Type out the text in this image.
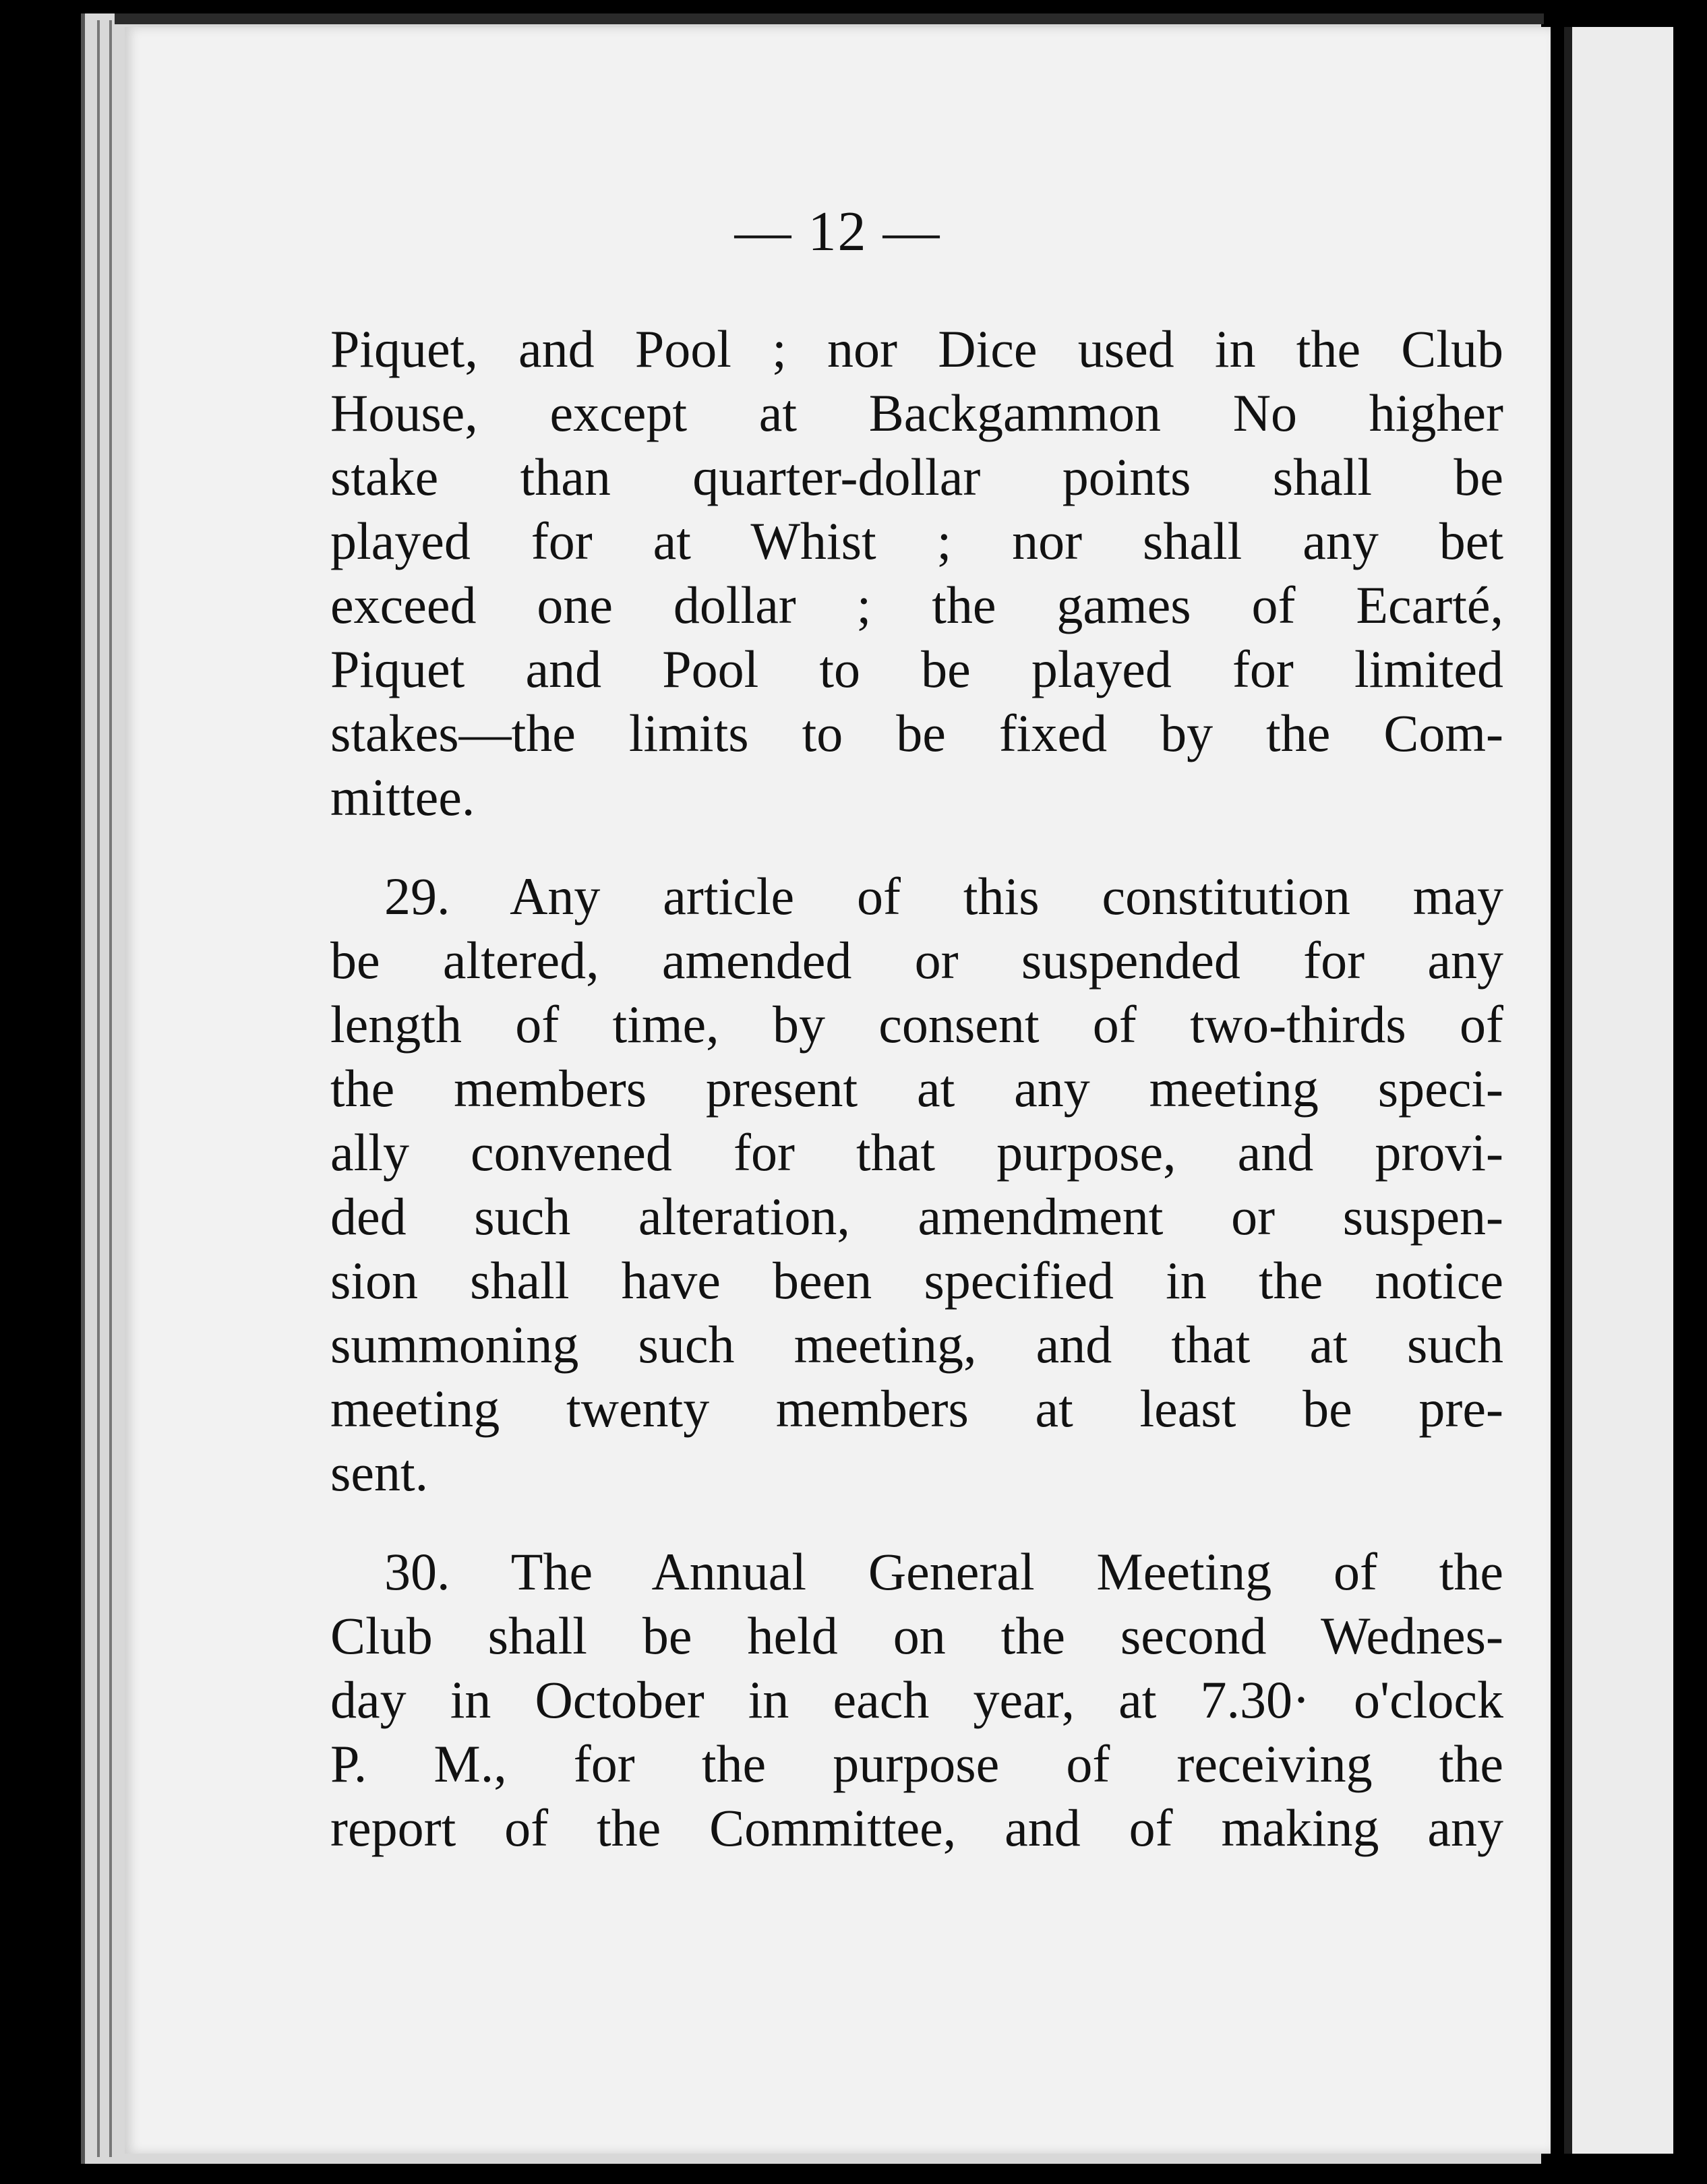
— 12 —

Piquet, and Pool ; nor Dice used in the Club
House, except at Backgammon No higher
stake than quarter-dollar points shall be
played for at Whist ; nor shall any bet
exceed one dollar ; the games of Ecarté,
Piquet and Pool to be played for limited
stakes—the limits to be fixed by the Com-
mittee.

29. Any article of this constitution may
be altered, amended or suspended for any
length of time, by consent of two-thirds of
the members present at any meeting speci-
ally convened for that purpose, and provi-
ded such alteration, amendment or suspen-
sion shall have been specified in the notice
summoning such meeting, and that at such
meeting twenty members at least be pre-
sent.

30. The Annual General Meeting of the
Club shall be held on the second Wednes-
day in October in each year, at 7.30· o'clock
P. M., for the purpose of receiving the
report of the Committee, and of making any
